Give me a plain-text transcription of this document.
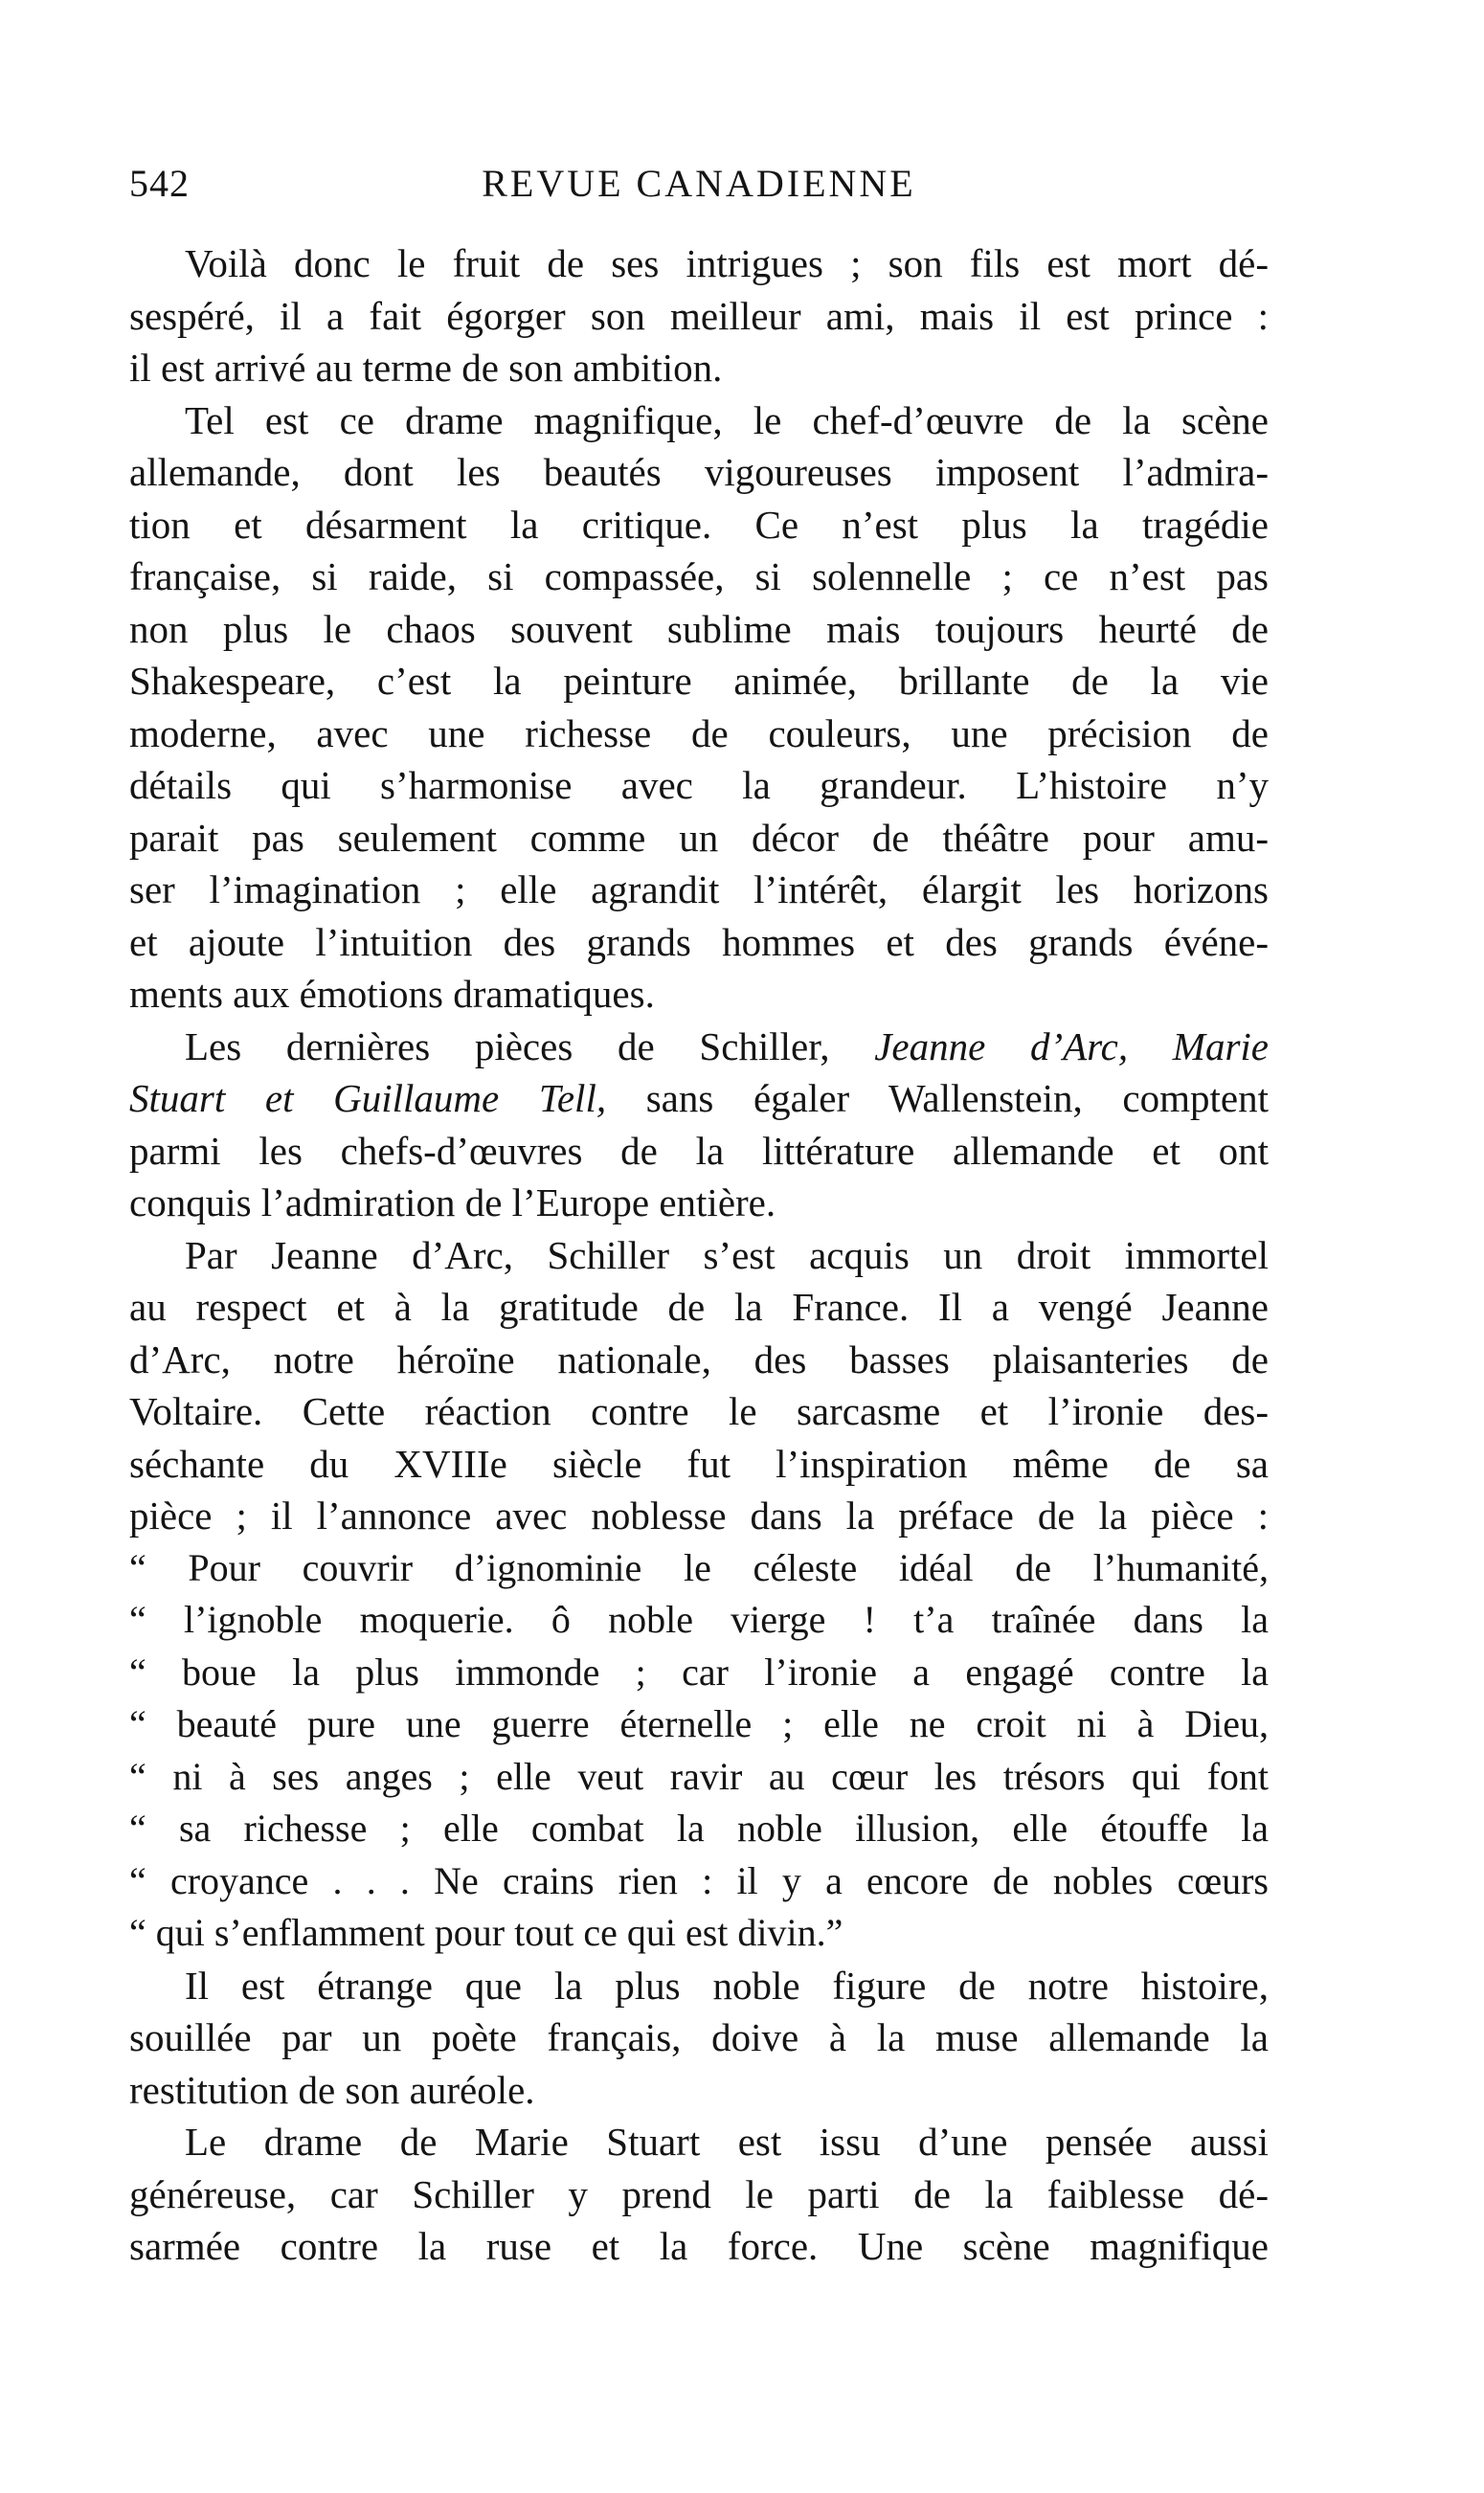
542	REVUE CANADIENNE
Voilà donc le fruit de ses intrigues ; son fils est mort dé-
sespéré, il a fait égorger son meilleur ami, mais il est prince :
il est arrivé au terme de son ambition.
Tel est ce drame magnifique, le chef-d’œuvre de la scène
allemande, dont les beautés vigoureuses imposent l’admira-
tion et désarment la critique. Ce n’est plus la tragédie
française, si raide, si compassée, si solennelle ; ce n’est pas
non plus le chaos souvent sublime mais toujours heurté de
Shakespeare, c’est la peinture animée, brillante de la vie
moderne, avec une richesse de couleurs, une précision de
détails qui s’harmonise avec la grandeur. L’histoire n’y
parait pas seulement comme un décor de théâtre pour amu-
ser l’imagination ; elle agrandit l’intérêt, élargit les horizons
et ajoute l’intuition des grands hommes et des grands événe-
ments aux émotions dramatiques.
Les dernières pièces de Schiller, Jeanne d’Arc, Marie
Stuart et Guillaume Tell, sans égaler Wallenstein, comptent
parmi les chefs-d’œuvres de la littérature allemande et ont
conquis l’admiration de l’Europe entière.
Par Jeanne d’Arc, Schiller s’est acquis un droit immortel
au respect et à la gratitude de la France. Il a vengé Jeanne
d’Arc, notre héroïne nationale, des basses plaisanteries de
Voltaire. Cette réaction contre le sarcasme et l’ironie des-
séchante du XVIIIe siècle fut l’inspiration même de sa
pièce ; il l’annonce avec noblesse dans la préface de la pièce :
“ Pour couvrir d’ignominie le céleste idéal de l’humanité,
“ l’ignoble moquerie. ô noble vierge ! t’a traînée dans la
“ boue la plus immonde ; car l’ironie a engagé contre la
“ beauté pure une guerre éternelle ; elle ne croit ni à Dieu,
“ ni à ses anges ; elle veut ravir au cœur les trésors qui font
“ sa richesse ; elle combat la noble illusion, elle étouffe la
“ croyance . . . Ne crains rien : il y a encore de nobles cœurs
“ qui s’enflamment pour tout ce qui est divin.”
Il est étrange que la plus noble figure de notre histoire,
souillée par un poète français, doive à la muse allemande la
restitution de son auréole.
Le drame de Marie Stuart est issu d’une pensée aussi
généreuse, car Schiller y prend le parti de la faiblesse dé-
sarmée contre la ruse et la force. Une scène magnifique
